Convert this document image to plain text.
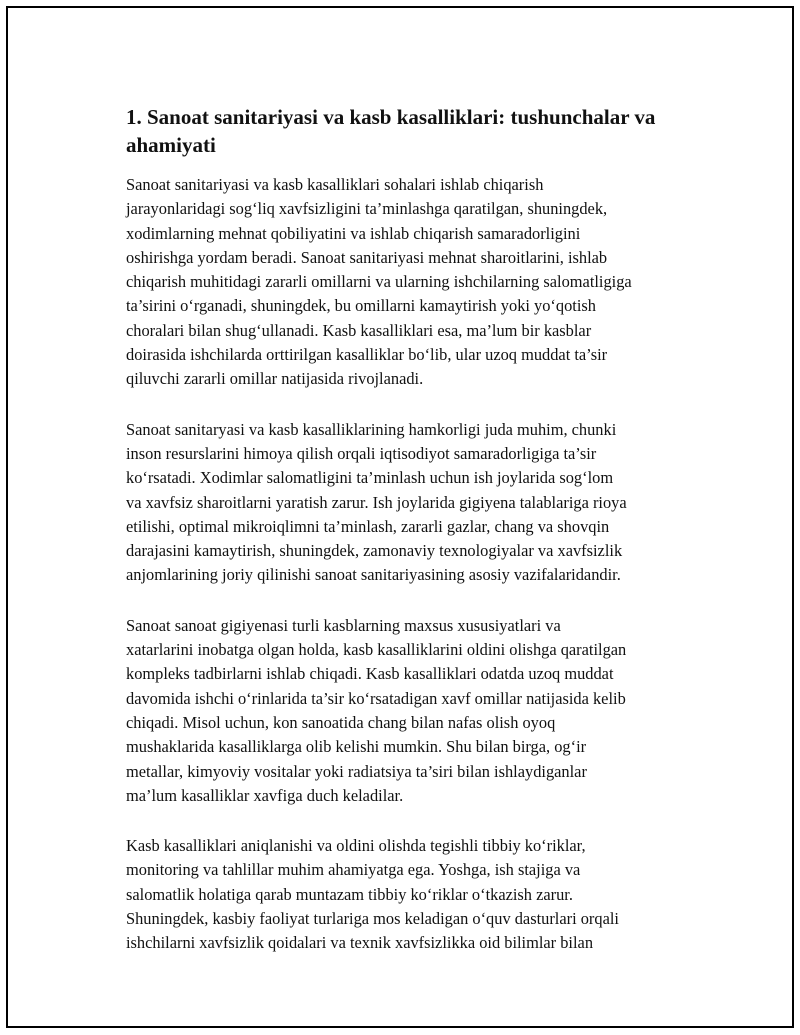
1. Sanoat sanitariyasi va kasb kasalliklari: tushunchalar va
ahamiyati

Sanoat sanitariyasi va kasb kasalliklari sohalari ishlab chiqarish
jarayonlaridagi sog‘liq xavfsizligini ta’minlashga qaratilgan, shuningdek,
xodimlarning mehnat qobiliyatini va ishlab chiqarish samaradorligini
oshirishga yordam beradi. Sanoat sanitariyasi mehnat sharoitlarini, ishlab
chiqarish muhitidagi zararli omillarni va ularning ishchilarning salomatligiga
ta’sirini o‘rganadi, shuningdek, bu omillarni kamaytirish yoki yo‘qotish
choralari bilan shug‘ullanadi. Kasb kasalliklari esa, ma’lum bir kasblar
doirasida ishchilarda orttirilgan kasalliklar bo‘lib, ular uzoq muddat ta’sir
qiluvchi zararli omillar natijasida rivojlanadi.

Sanoat sanitaryasi va kasb kasalliklarining hamkorligi juda muhim, chunki
inson resurslarini himoya qilish orqali iqtisodiyot samaradorligiga ta’sir
ko‘rsatadi. Xodimlar salomatligini ta’minlash uchun ish joylarida sog‘lom
va xavfsiz sharoitlarni yaratish zarur. Ish joylarida gigiyena talablariga rioya
etilishi, optimal mikroiqlimni ta’minlash, zararli gazlar, chang va shovqin
darajasini kamaytirish, shuningdek, zamonaviy texnologiyalar va xavfsizlik
anjomlarining joriy qilinishi sanoat sanitariyasining asosiy vazifalaridandir.

Sanoat sanoat gigiyenasi turli kasblarning maxsus xususiyatlari va
xatarlarini inobatga olgan holda, kasb kasalliklarini oldini olishga qaratilgan
kompleks tadbirlarni ishlab chiqadi. Kasb kasalliklari odatda uzoq muddat
davomida ishchi o‘rinlarida ta’sir ko‘rsatadigan xavf omillar natijasida kelib
chiqadi. Misol uchun, kon sanoatida chang bilan nafas olish oyoq
mushaklarida kasalliklarga olib kelishi mumkin. Shu bilan birga, og‘ir
metallar, kimyoviy vositalar yoki radiatsiya ta’siri bilan ishlaydiganlar
ma’lum kasalliklar xavfiga duch keladilar.

Kasb kasalliklari aniqlanishi va oldini olishda tegishli tibbiy ko‘riklar,
monitoring va tahlillar muhim ahamiyatga ega. Yoshga, ish stajiga va
salomatlik holatiga qarab muntazam tibbiy ko‘riklar o‘tkazish zarur.
Shuningdek, kasbiy faoliyat turlariga mos keladigan o‘quv dasturlari orqali
ishchilarni xavfsizlik qoidalari va texnik xavfsizlikka oid bilimlar bilan
